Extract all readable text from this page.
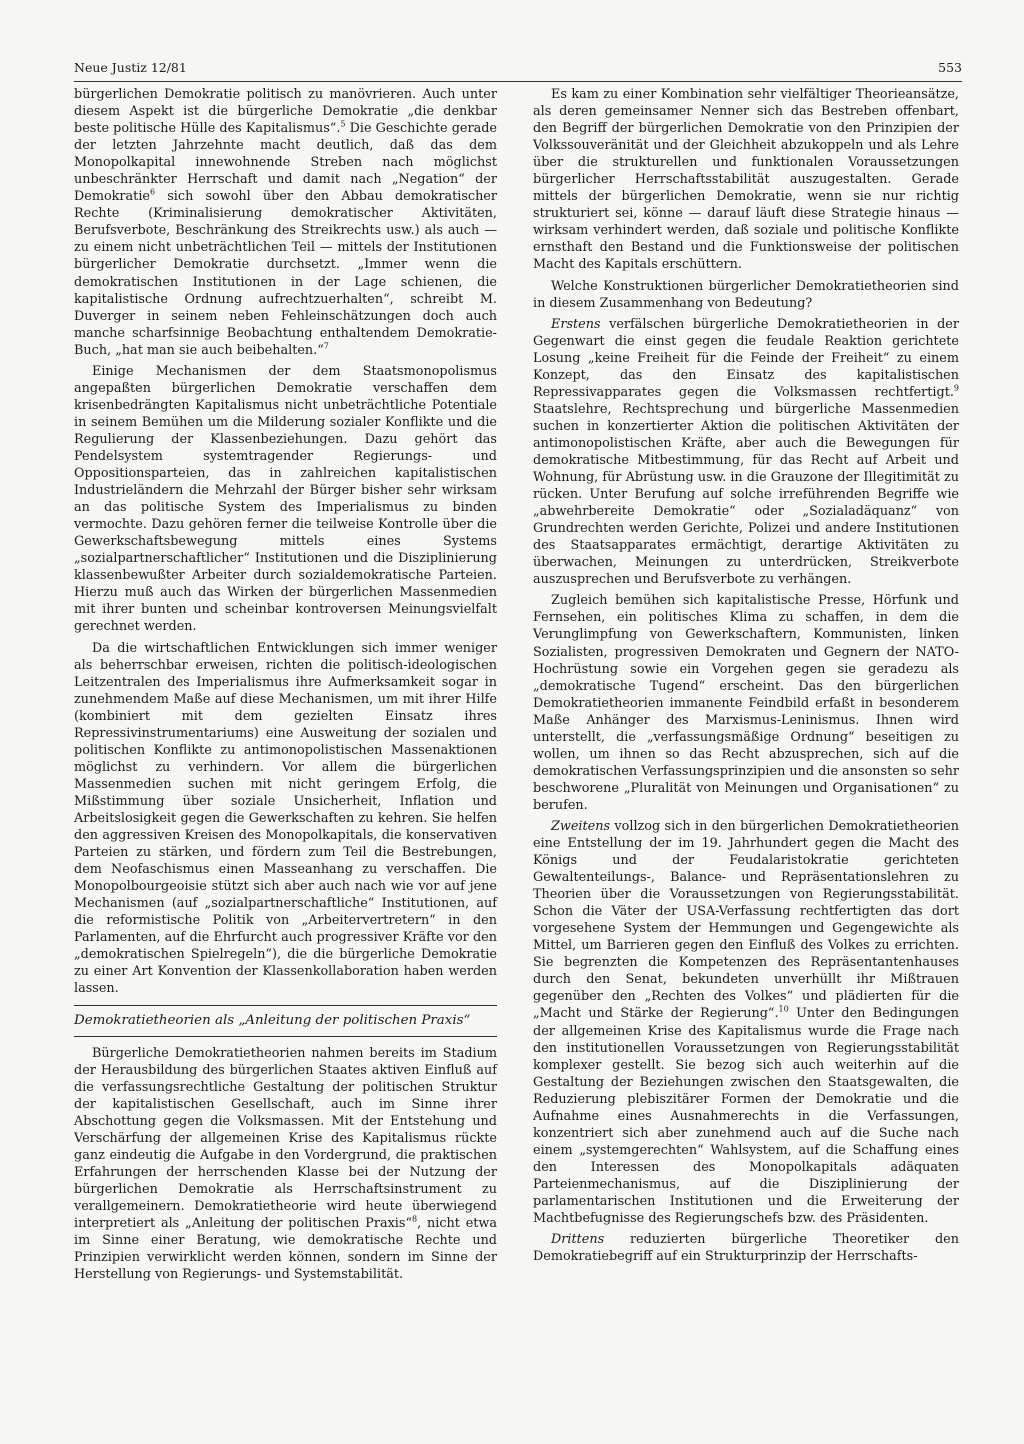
Neue Justiz 12/81	553

bürgerlichen Demokratie politisch zu manövrieren. Auch unter diesem Aspekt ist die bürgerliche Demokratie „die denkbar beste politische Hülle des Kapitalismus“.$^5$ Die Geschichte gerade der letzten Jahrzehnte macht deutlich, daß das dem Monopolkapital innewohnende Streben nach möglichst unbeschränkter Herrschaft und damit nach „Negation“ der Demokratie$^6$ sich sowohl über den Abbau demokratischer Rechte (Kriminalisierung demokratischer Aktivitäten, Berufsverbote, Beschränkung des Streikrechts usw.) als auch — zu einem nicht unbeträchtlichen Teil — mittels der Institutionen bürgerlicher Demokratie durchsetzt. „Immer wenn die demokratischen Institutionen in der Lage schienen, die kapitalistische Ordnung aufrechtzuerhalten“, schreibt M. Duverger in seinem neben Fehleinschätzungen doch auch manche scharfsinnige Beobachtung enthaltendem Demokratie-Buch, „hat man sie auch beibehalten.“$^7$

Einige Mechanismen der dem Staatsmonopolismus angepaßten bürgerlichen Demokratie verschaffen dem krisenbedrängten Kapitalismus nicht unbeträchtliche Potentiale in seinem Bemühen um die Milderung sozialer Konflikte und die Regulierung der Klassenbeziehungen. Dazu gehört das Pendelsystem systemtragender Regierungs- und Oppositionsparteien, das in zahlreichen kapitalistischen Industrieländern die Mehrzahl der Bürger bisher sehr wirksam an das politische System des Imperialismus zu binden vermochte. Dazu gehören ferner die teilweise Kontrolle über die Gewerkschaftsbewegung mittels eines Systems „sozialpartnerschaftlicher“ Institutionen und die Disziplinierung klassenbewußter Arbeiter durch sozialdemokratische Parteien. Hierzu muß auch das Wirken der bürgerlichen Massenmedien mit ihrer bunten und scheinbar kontroversen Meinungsvielfalt gerechnet werden.

Da die wirtschaftlichen Entwicklungen sich immer weniger als beherrschbar erweisen, richten die politisch-ideologischen Leitzentralen des Imperialismus ihre Aufmerksamkeit sogar in zunehmendem Maße auf diese Mechanismen, um mit ihrer Hilfe (kombiniert mit dem gezielten Einsatz ihres Repressivinstrumentariums) eine Ausweitung der sozialen und politischen Konflikte zu antimonopolistischen Massenaktionen möglichst zu verhindern. Vor allem die bürgerlichen Massenmedien suchen mit nicht geringem Erfolg, die Mißstimmung über soziale Unsicherheit, Inflation und Arbeitslosigkeit gegen die Gewerkschaften zu kehren. Sie helfen den aggressiven Kreisen des Monopolkapitals, die konservativen Parteien zu stärken, und fördern zum Teil die Bestrebungen, dem Neofaschismus einen Masseanhang zu verschaffen. Die Monopolbourgeoisie stützt sich aber auch nach wie vor auf jene Mechanismen (auf „sozialpartnerschaftliche“ Institutionen, auf die reformistische Politik von „Arbeitervertretern“ in den Parlamenten, auf die Ehrfurcht auch progressiver Kräfte vor den „demokratischen Spielregeln“), die die bürgerliche Demokratie zu einer Art Konvention der Klassenkollaboration haben werden lassen.

Demokratietheorien als „Anleitung der politischen Praxis“

Bürgerliche Demokratietheorien nahmen bereits im Stadium der Herausbildung des bürgerlichen Staates aktiven Einfluß auf die verfassungsrechtliche Gestaltung der politischen Struktur der kapitalistischen Gesellschaft, auch im Sinne ihrer Abschottung gegen die Volksmassen. Mit der Entstehung und Verschärfung der allgemeinen Krise des Kapitalismus rückte ganz eindeutig die Aufgabe in den Vordergrund, die praktischen Erfahrungen der herrschenden Klasse bei der Nutzung der bürgerlichen Demokratie als Herrschaftsinstrument zu verallgemeinern. Demokratietheorie wird heute überwiegend interpretiert als „Anleitung der politischen Praxis“$^8$, nicht etwa im Sinne einer Beratung, wie demokratische Rechte und Prinzipien verwirklicht werden können, sondern im Sinne der Herstellung von Regierungs- und Systemstabilität.

Es kam zu einer Kombination sehr vielfältiger Theorieansätze, als deren gemeinsamer Nenner sich das Bestreben offenbart, den Begriff der bürgerlichen Demokratie von den Prinzipien der Volkssouveränität und der Gleichheit abzukoppeln und als Lehre über die strukturellen und funktionalen Voraussetzungen bürgerlicher Herrschaftsstabilität auszugestalten. Gerade mittels der bürgerlichen Demokratie, wenn sie nur richtig strukturiert sei, könne — darauf läuft diese Strategie hinaus — wirksam verhindert werden, daß soziale und politische Konflikte ernsthaft den Bestand und die Funktionsweise der politischen Macht des Kapitals erschüttern.

Welche Konstruktionen bürgerlicher Demokratietheorien sind in diesem Zusammenhang von Bedeutung?

Erstens verfälschen bürgerliche Demokratietheorien in der Gegenwart die einst gegen die feudale Reaktion gerichtete Losung „keine Freiheit für die Feinde der Freiheit“ zu einem Konzept, das den Einsatz des kapitalistischen Repressivapparates gegen die Volksmassen rechtfertigt.$^9$ Staatslehre, Rechtsprechung und bürgerliche Massenmedien suchen in konzertierter Aktion die politischen Aktivitäten der antimonopolistischen Kräfte, aber auch die Bewegungen für demokratische Mitbestimmung, für das Recht auf Arbeit und Wohnung, für Abrüstung usw. in die Grauzone der Illegitimität zu rücken. Unter Berufung auf solche irreführenden Begriffe wie „abwehrbereite Demokratie“ oder „Sozialadäquanz“ von Grundrechten werden Gerichte, Polizei und andere Institutionen des Staatsapparates ermächtigt, derartige Aktivitäten zu überwachen, Meinungen zu unterdrücken, Streikverbote auszusprechen und Berufsverbote zu verhängen.

Zugleich bemühen sich kapitalistische Presse, Hörfunk und Fernsehen, ein politisches Klima zu schaffen, in dem die Verunglimpfung von Gewerkschaftern, Kommunisten, linken Sozialisten, progressiven Demokraten und Gegnern der NATO-Hochrüstung sowie ein Vorgehen gegen sie geradezu als „demokratische Tugend“ erscheint. Das den bürgerlichen Demokratietheorien immanente Feindbild erfaßt in besonderem Maße Anhänger des Marxismus-Leninismus. Ihnen wird unterstellt, die „verfassungsmäßige Ordnung“ beseitigen zu wollen, um ihnen so das Recht abzusprechen, sich auf die demokratischen Verfassungsprinzipien und die ansonsten so sehr beschworene „Pluralität von Meinungen und Organisationen“ zu berufen.

Zweitens vollzog sich in den bürgerlichen Demokratietheorien eine Entstellung der im 19. Jahrhundert gegen die Macht des Königs und der Feudalaristokratie gerichteten Gewaltenteilungs-, Balance- und Repräsentationslehren zu Theorien über die Voraussetzungen von Regierungsstabilität. Schon die Väter der USA-Verfassung rechtfertigten das dort vorgesehene System der Hemmungen und Gegengewichte als Mittel, um Barrieren gegen den Einfluß des Volkes zu errichten. Sie begrenzten die Kompetenzen des Repräsentantenhauses durch den Senat, bekundeten unverhüllt ihr Mißtrauen gegenüber den „Rechten des Volkes“ und plädierten für die „Macht und Stärke der Regierung“.$^{10}$ Unter den Bedingungen der allgemeinen Krise des Kapitalismus wurde die Frage nach den institutionellen Voraussetzungen von Regierungsstabilität komplexer gestellt. Sie bezog sich auch weiterhin auf die Gestaltung der Beziehungen zwischen den Staatsgewalten, die Reduzierung plebiszitärer Formen der Demokratie und die Aufnahme eines Ausnahmerechts in die Verfassungen, konzentriert sich aber zunehmend auch auf die Suche nach einem „systemgerechten“ Wahlsystem, auf die Schaffung eines den Interessen des Monopolkapitals adäquaten Parteienmechanismus, auf die Disziplinierung der parlamentarischen Institutionen und die Erweiterung der Machtbefugnisse des Regierungschefs bzw. des Präsidenten.

Drittens reduzierten bürgerliche Theoretiker den Demokratiebegriff auf ein Strukturprinzip der Herrschafts-
